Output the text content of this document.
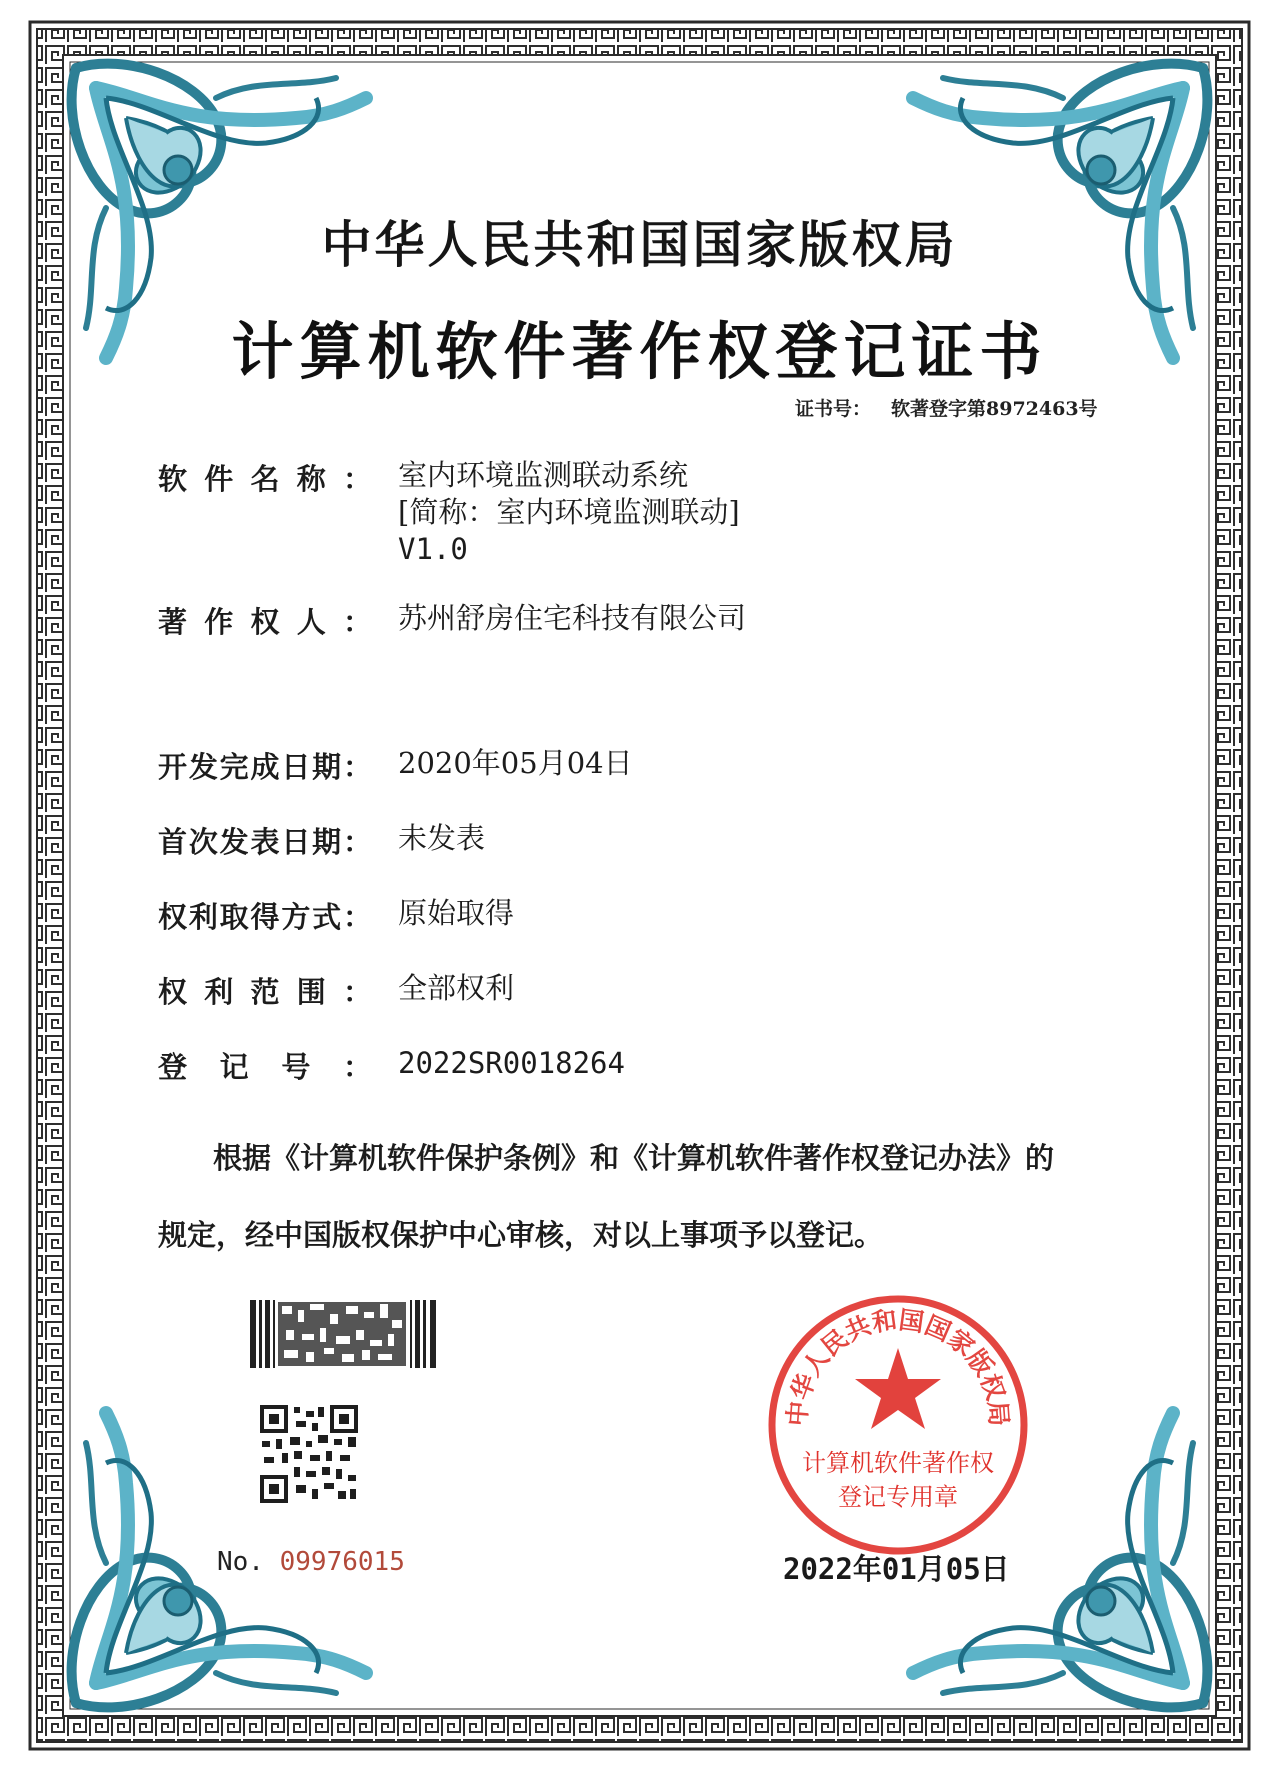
中华人民共和国国家版权局
计算机软件著作权登记证书
证书号： 软著登字第8972463号
软件名称： 室内环境监测联动系统
[简称：室内环境监测联动]
V1.0
著作权人： 苏州舒房住宅科技有限公司
开发完成日期： 2020年05月04日
首次发表日期： 未发表
权利取得方式： 原始取得
权利范围： 全部权利
登记号： 2022SR0018264
根据《计算机软件保护条例》和《计算机软件著作权登记办法》的
规定，经中国版权保护中心审核，对以上事项予以登记。
No. 09976015
中华人民共和国国家版权局
计算机软件著作权
登记专用章
2022年01月05日
